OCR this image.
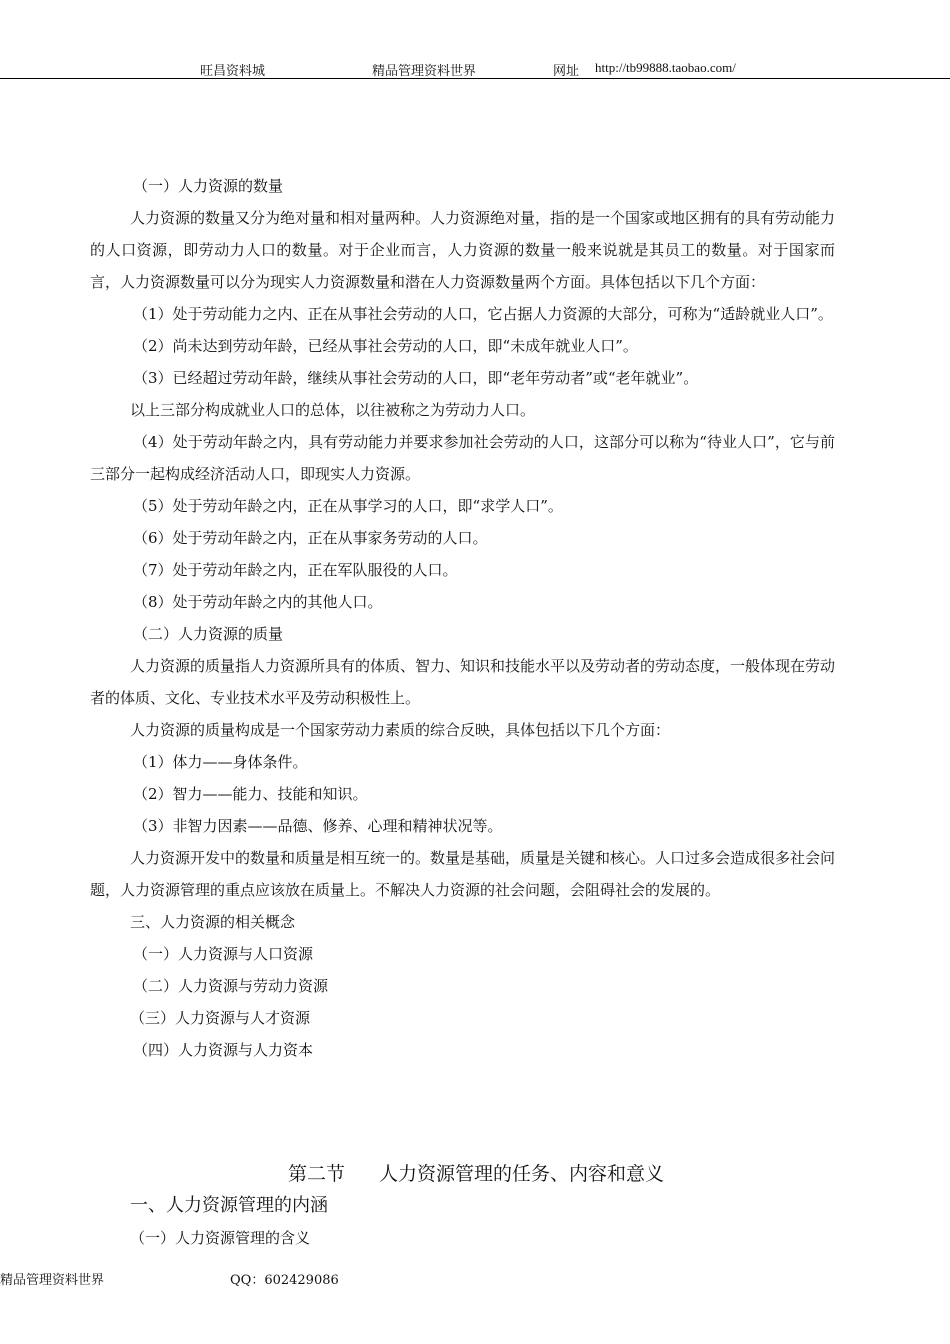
旺昌资料城	精品管理资料世界	网址 http://tb99888.taobao.com/

（一）人力资源的数量

人力资源的数量又分为绝对量和相对量两种。人力资源绝对量，指的是一个国家或地区拥有的具有劳动能力的人口资源，即劳动力人口的数量。对于企业而言，人力资源的数量一般来说就是其员工的数量。对于国家而言，人力资源数量可以分为现实人力资源数量和潜在人力资源数量两个方面。具体包括以下几个方面：

（1）处于劳动能力之内、正在从事社会劳动的人口，它占据人力资源的大部分，可称为“适龄就业人口”。

（2）尚未达到劳动年龄，已经从事社会劳动的人口，即“未成年就业人口”。

（3）已经超过劳动年龄，继续从事社会劳动的人口，即“老年劳动者”或“老年就业”。

以上三部分构成就业人口的总体，以往被称之为劳动力人口。

（4）处于劳动年龄之内，具有劳动能力并要求参加社会劳动的人口，这部分可以称为“待业人口”，它与前三部分一起构成经济活动人口，即现实人力资源。

（5）处于劳动年龄之内，正在从事学习的人口，即“求学人口”。

（6）处于劳动年龄之内，正在从事家务劳动的人口。

（7）处于劳动年龄之内，正在军队服役的人口。

（8）处于劳动年龄之内的其他人口。

（二）人力资源的质量

人力资源的质量指人力资源所具有的体质、智力、知识和技能水平以及劳动者的劳动态度，一般体现在劳动者的体质、文化、专业技术水平及劳动积极性上。

人力资源的质量构成是一个国家劳动力素质的综合反映，具体包括以下几个方面：

（1）体力——身体条件。

（2）智力——能力、技能和知识。

（3）非智力因素——品德、修养、心理和精神状况等。

人力资源开发中的数量和质量是相互统一的。数量是基础，质量是关键和核心。人口过多会造成很多社会问题，人力资源管理的重点应该放在质量上。不解决人力资源的社会问题，会阻碍社会的发展的。

三、人力资源的相关概念

（一）人力资源与人口资源

（二）人力资源与劳动力资源

（三）人力资源与人才资源

（四）人力资源与人力资本

第二节 人力资源管理的任务、内容和意义
一、人力资源管理的内涵
（一）人力资源管理的含义
精品管理资料世界	QQ：602429086
